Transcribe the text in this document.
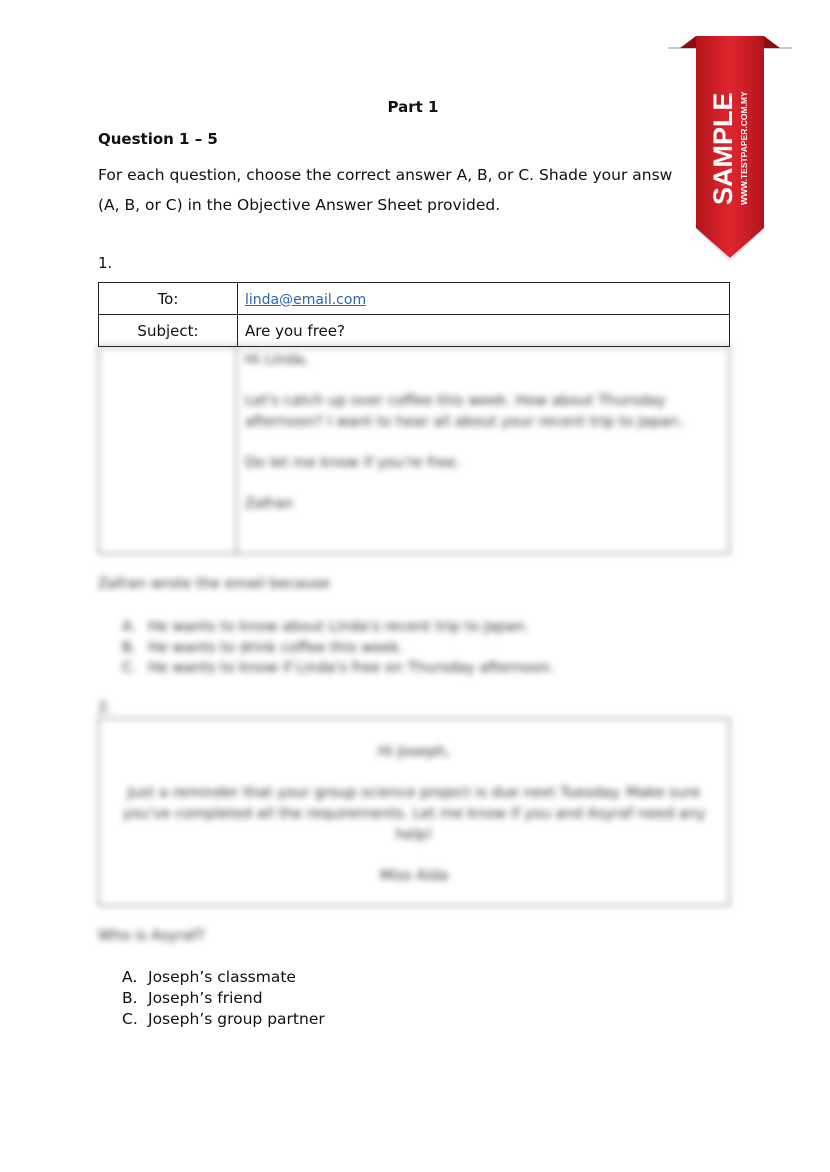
Part 1
Question 1 – 5
For each question, choose the correct answer A, B, or C. Shade your answ
(A, B, or C) in the Objective Answer Sheet provided.
1.
To:	linda@email.com
Subject:	Are you free?

Hi Linda,

Let's catch up over coffee this week. How about Thursday afternoon? I want to hear all about your recent trip to Japan.

Do let me know if you're free.

Zafran

Zafran wrote the email because
A. He wants to know about Linda's recent trip to Japan.
B. He wants to drink coffee this week.
C. He wants to know if Linda's free on Thursday afternoon.
2.

Hi Joseph,

Just a reminder that your group science project is due next Tuesday. Make sure you've completed all the requirements. Let me know if you and Asyraf need any help!

Miss Aida

Who is Asyraf?
A. Joseph’s classmate
B. Joseph’s friend
C. Joseph’s group partner
SAMPLE WWW.TESTPAPER.COM.MY
